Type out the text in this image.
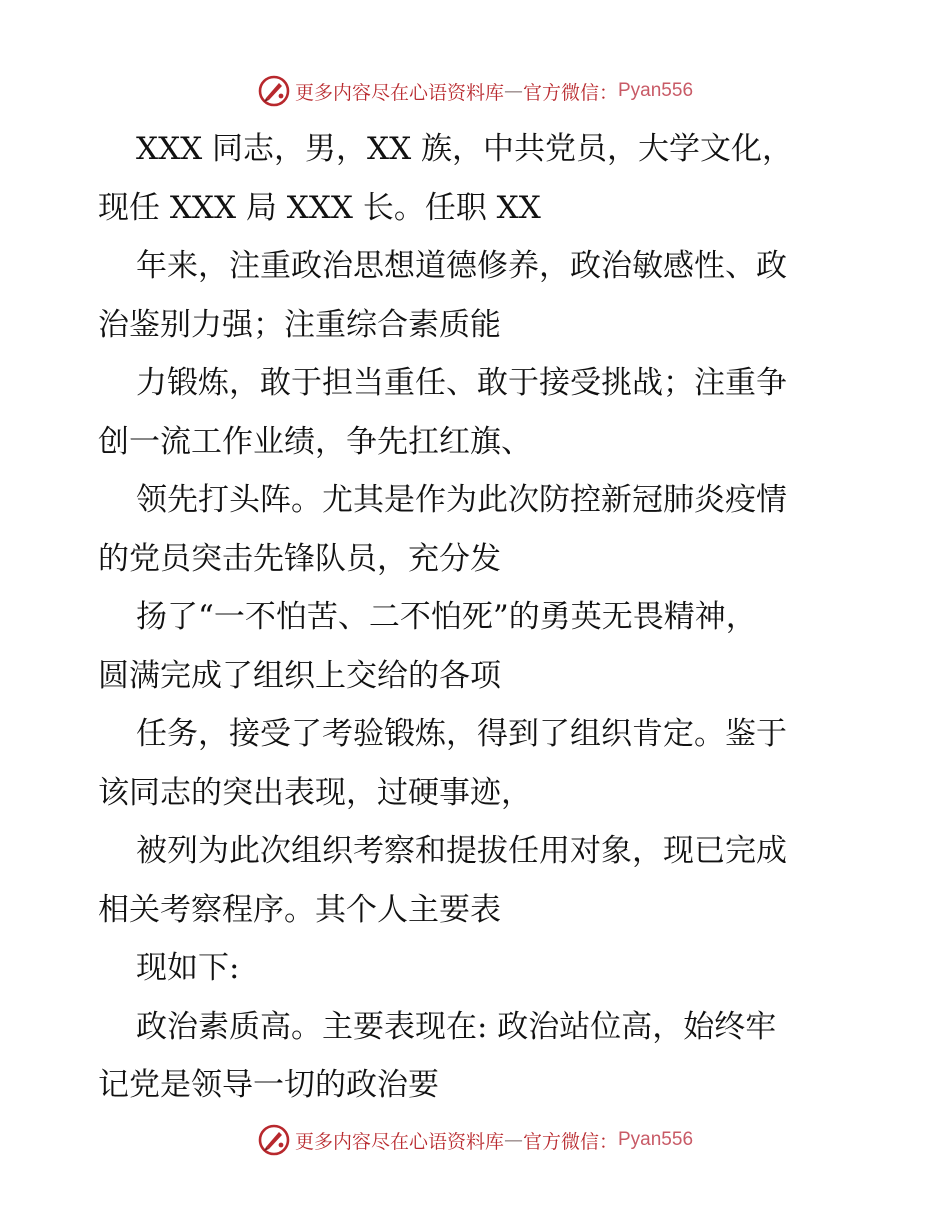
更多内容尽在心语资料库 — 官方微信： Pyan556
XXX 同志，男，XX 族，中共党员，大学文化，
现任 XXX 局 XXX 长。任职 XX
年来，注重政治思想道德修养，政治敏感性、政
治鉴别力强；注重综合素质能
力锻炼，敢于担当重任、敢于接受挑战；注重争
创一流工作业绩，争先扛红旗、
领先打头阵。尤其是作为此次防控新冠肺炎疫情
的党员突击先锋队员，充分发
扬了“一不怕苦、二不怕死”的勇英无畏精神，
圆满完成了组织上交给的各项
任务，接受了考验锻炼，得到了组织肯定。鉴于
该同志的突出表现，过硬事迹，
被列为此次组织考察和提拔任用对象，现已完成
相关考察程序。其个人主要表
现如下:
政治素质高。主要表现在: 政治站位高，始终牢
记党是领导一切的政治要
更多内容尽在心语资料库 — 官方微信： Pyan556
